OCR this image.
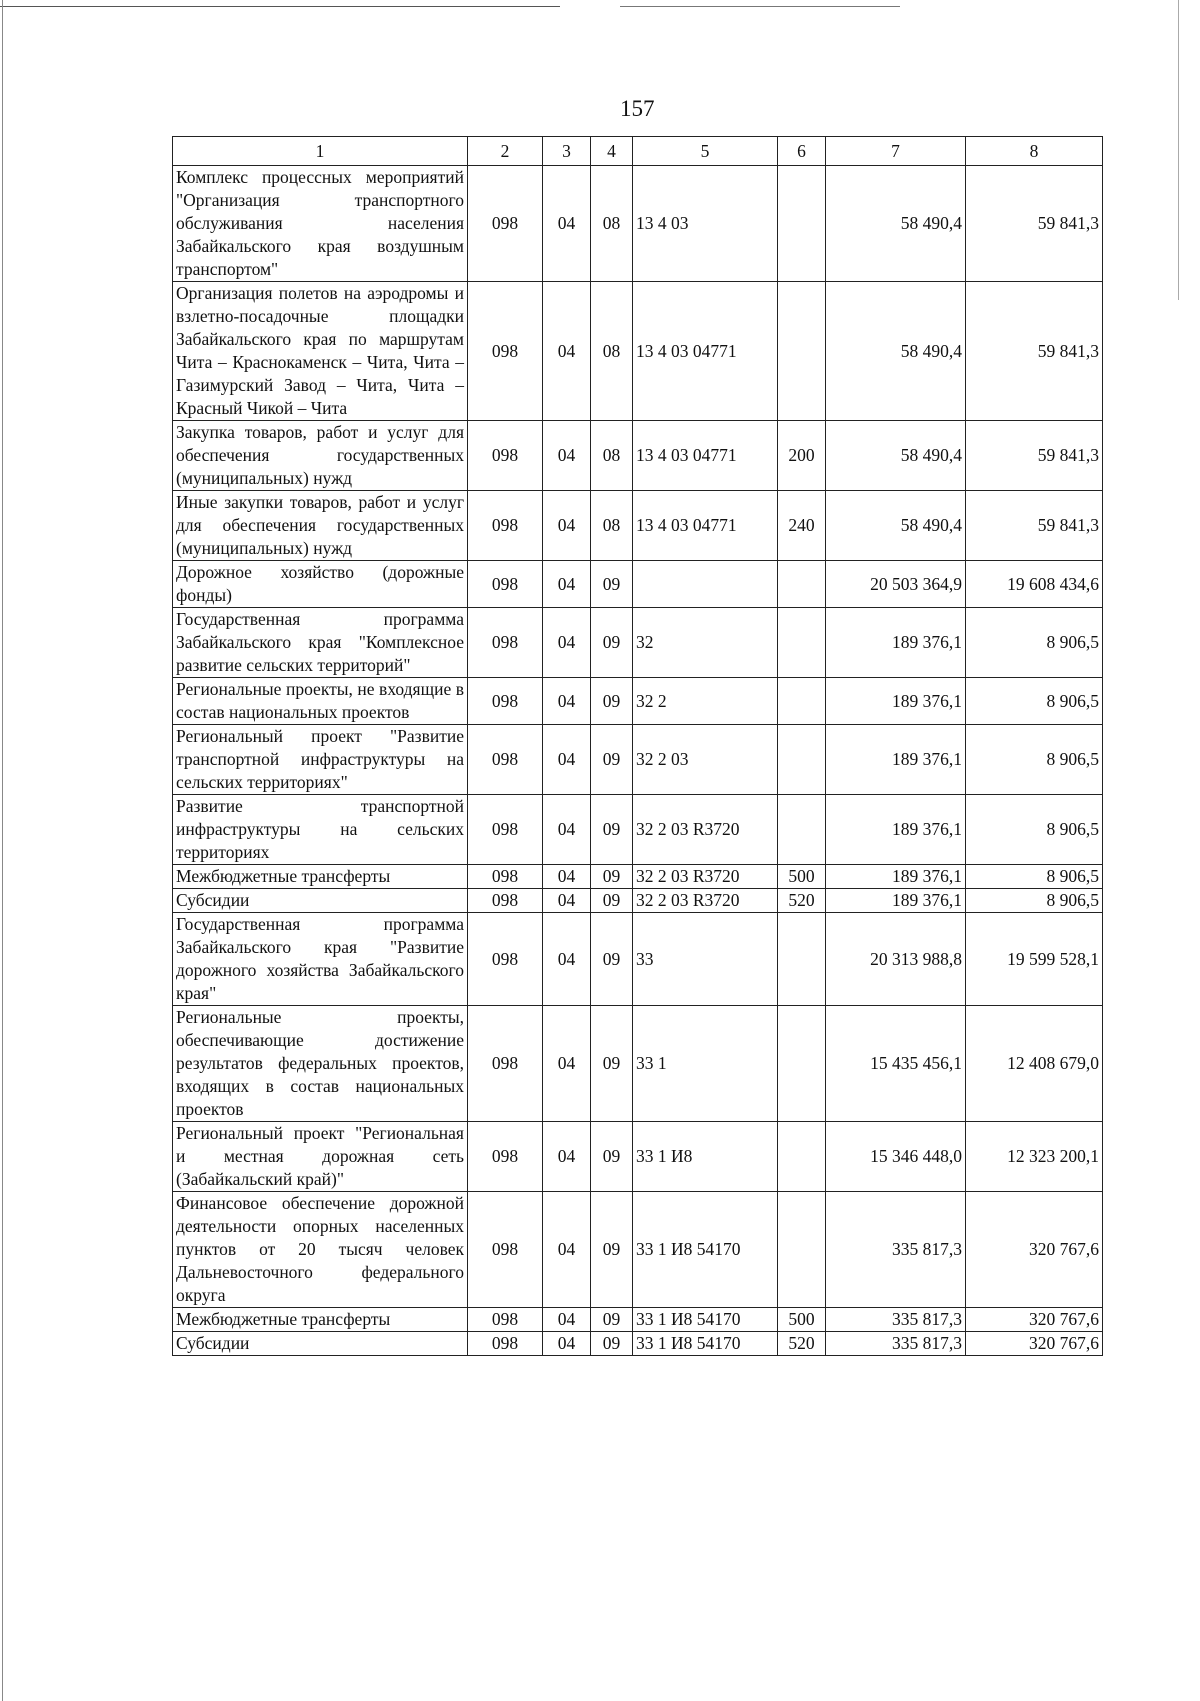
157
1	2	3	4	5	6	7	8
Комплекс процессных мероприятий "Организация транспортного обслуживания населения Забайкальского края воздушным транспортом"	098	04	08	13 4 03		58 490,4	59 841,3
Организация полетов на аэродромы и взлетно-посадочные площадки Забайкальского края по маршрутам Чита – Краснокаменск – Чита, Чита – Газимурский Завод – Чита, Чита – Красный Чикой – Чита	098	04	08	13 4 03 04771		58 490,4	59 841,3
Закупка товаров, работ и услуг для обеспечения государственных (муниципальных) нужд	098	04	08	13 4 03 04771	200	58 490,4	59 841,3
Иные закупки товаров, работ и услуг для обеспечения государственных (муниципальных) нужд	098	04	08	13 4 03 04771	240	58 490,4	59 841,3
Дорожное хозяйство (дорожные фонды)	098	04	09			20 503 364,9	19 608 434,6
Государственная программа Забайкальского края "Комплексное развитие сельских территорий"	098	04	09	32		189 376,1	8 906,5
Региональные проекты, не входящие в состав национальных проектов	098	04	09	32 2		189 376,1	8 906,5
Региональный проект "Развитие транспортной инфраструктуры на сельских территориях"	098	04	09	32 2 03		189 376,1	8 906,5
Развитие транспортной инфраструктуры на сельских территориях	098	04	09	32 2 03 R3720		189 376,1	8 906,5
Межбюджетные трансферты	098	04	09	32 2 03 R3720	500	189 376,1	8 906,5
Субсидии	098	04	09	32 2 03 R3720	520	189 376,1	8 906,5
Государственная программа Забайкальского края "Развитие дорожного хозяйства Забайкальского края"	098	04	09	33		20 313 988,8	19 599 528,1
Региональные проекты, обеспечивающие достижение результатов федеральных проектов, входящих в состав национальных проектов	098	04	09	33 1		15 435 456,1	12 408 679,0
Региональный проект "Региональная и местная дорожная сеть (Забайкальский край)"	098	04	09	33 1 И8		15 346 448,0	12 323 200,1
Финансовое обеспечение дорожной деятельности опорных населенных пунктов от 20 тысяч человек Дальневосточного федерального округа	098	04	09	33 1 И8 54170		335 817,3	320 767,6
Межбюджетные трансферты	098	04	09	33 1 И8 54170	500	335 817,3	320 767,6
Субсидии	098	04	09	33 1 И8 54170	520	335 817,3	320 767,6
